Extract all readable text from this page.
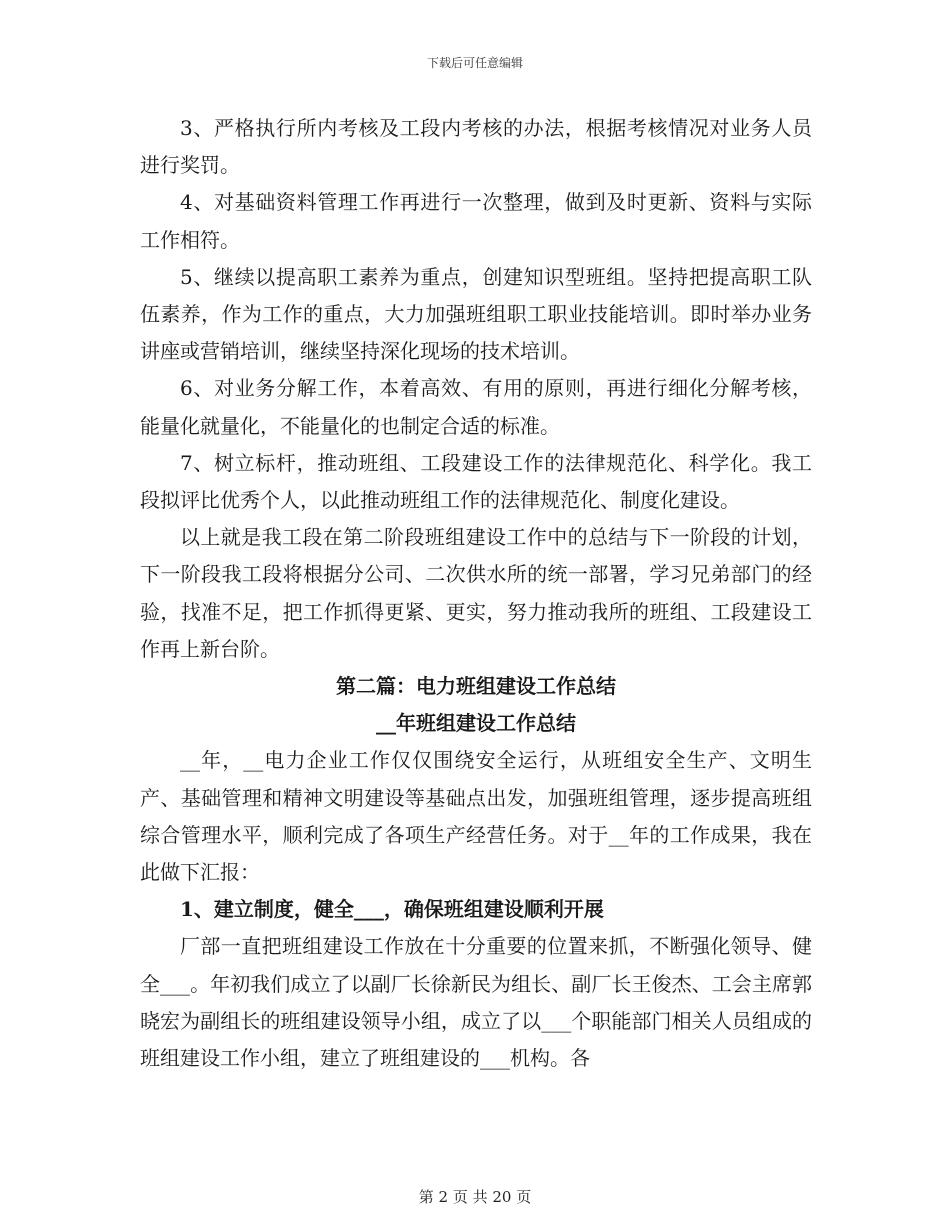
下载后可任意编辑

3、严格执行所内考核及工段内考核的办法，根据考核情况对业务人员进行奖罚。

4、对基础资料管理工作再进行一次整理，做到及时更新、资料与实际工作相符。

5、继续以提高职工素养为重点，创建知识型班组。坚持把提高职工队伍素养，作为工作的重点，大力加强班组职工职业技能培训。即时举办业务讲座或营销培训，继续坚持深化现场的技术培训。

6、对业务分解工作，本着高效、有用的原则，再进行细化分解考核，能量化就量化，不能量化的也制定合适的标准。

7、树立标杆，推动班组、工段建设工作的法律规范化、科学化。我工段拟评比优秀个人，以此推动班组工作的法律规范化、制度化建设。

以上就是我工段在第二阶段班组建设工作中的总结与下一阶段的计划，下一阶段我工段将根据分公司、二次供水所的统一部署，学习兄弟部门的经验，找准不足，把工作抓得更紧、更实，努力推动我所的班组、工段建设工作再上新台阶。

第二篇：电力班组建设工作总结

__年班组建设工作总结

__年，__电力企业工作仅仅围绕安全运行，从班组安全生产、文明生产、基础管理和精神文明建设等基础点出发，加强班组管理，逐步提高班组综合管理水平，顺利完成了各项生产经营任务。对于__年的工作成果，我在此做下汇报：

1、建立制度，健全___，确保班组建设顺利开展

厂部一直把班组建设工作放在十分重要的位置来抓，不断强化领导、健全___。年初我们成立了以副厂长徐新民为组长、副厂长王俊杰、工会主席郭晓宏为副组长的班组建设领导小组，成立了以___个职能部门相关人员组成的班组建设工作小组，建立了班组建设的___机构。各

第 2 页 共 20 页
